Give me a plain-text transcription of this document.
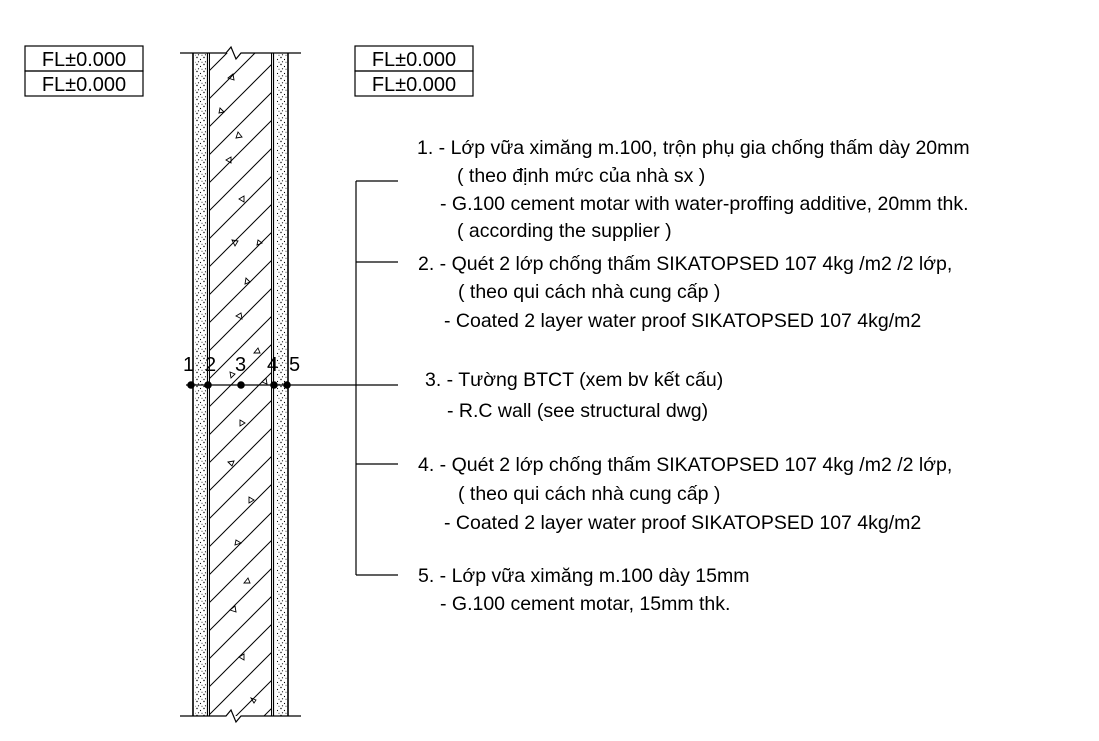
FL±0.000
FL±0.000
FL±0.000
FL±0.000
1 2 3 4 5
1. - Lớp vữa ximăng m.100, trộn phụ gia chống thấm dày 20mm
( theo định mức của nhà sx )
- G.100 cement motar with water-proffing additive, 20mm thk.
( according the supplier )
2. - Quét 2 lớp chống thấm SIKATOPSED 107 4kg /m2 /2 lớp,
( theo qui cách nhà cung cấp )
- Coated 2 layer water proof SIKATOPSED 107 4kg/m2
3. - Tường BTCT (xem bv kết cấu)
- R.C wall (see structural dwg)
4. - Quét 2 lớp chống thấm SIKATOPSED 107 4kg /m2 /2 lớp,
( theo qui cách nhà cung cấp )
- Coated 2 layer water proof SIKATOPSED 107 4kg/m2
5. - Lớp vữa ximăng m.100 dày 15mm
- G.100 cement motar, 15mm thk.
